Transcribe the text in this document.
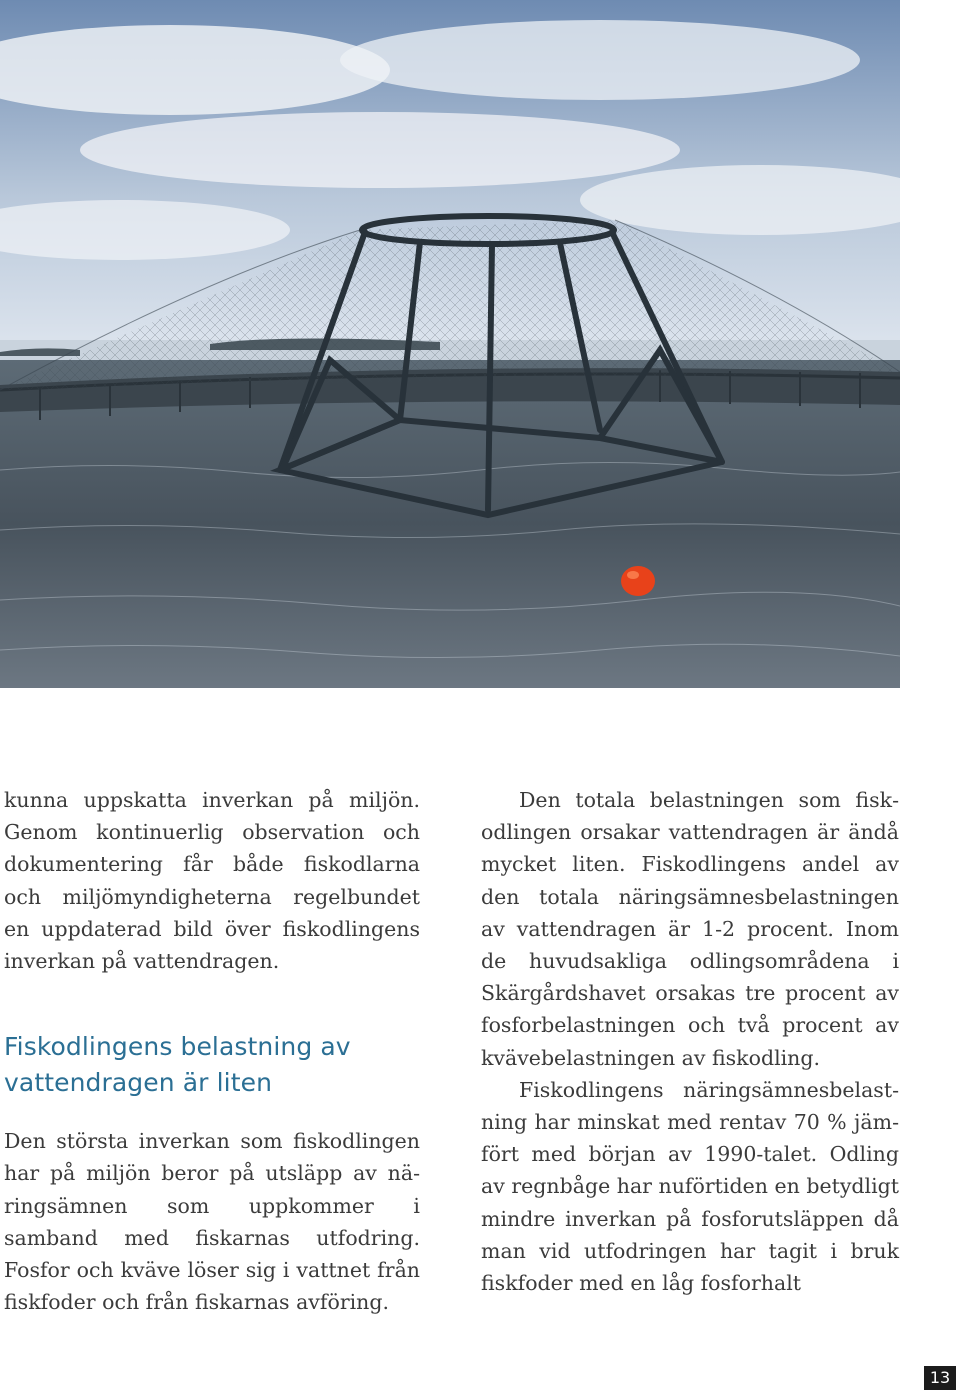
kunna uppskatta inverkan på miljön. Genom kontinuerlig observation och dokumentering får både fiskodlarna och miljömyndigheterna regelbundet en uppdaterad bild över fiskodlingens inverkan på vattendragen.

Fiskodlingens belastning av
vattendragen är liten

Den största inverkan som fiskodlingen har på miljön beror på utsläpp av näringsämnen som uppkommer i samband med fiskarnas utfodring. Fosfor och kväve löser sig i vattnet från fiskfoder och från fiskarnas avföring.

Den totala belastningen som fiskodlingen orsakar vattendragen är ändå mycket liten. Fiskodlingens andel av den totala näringsämnesbelastningen av vattendragen är 1-2 procent. Inom de huvudsakliga odlingsområdena i Skärgårdshavet orsakas tre procent av fosforbelastningen och två procent av kvävebelastningen av fiskodling.

Fiskodlingens näringsämnesbelastning har minskat med rentav 70 % jämfört med början av 1990-talet. Odling av regnbåge har nuförtiden en betydligt mindre inverkan på fosforutsläppen då man vid utfodringen har tagit i bruk fiskfoder med en låg fosforhalt

13
